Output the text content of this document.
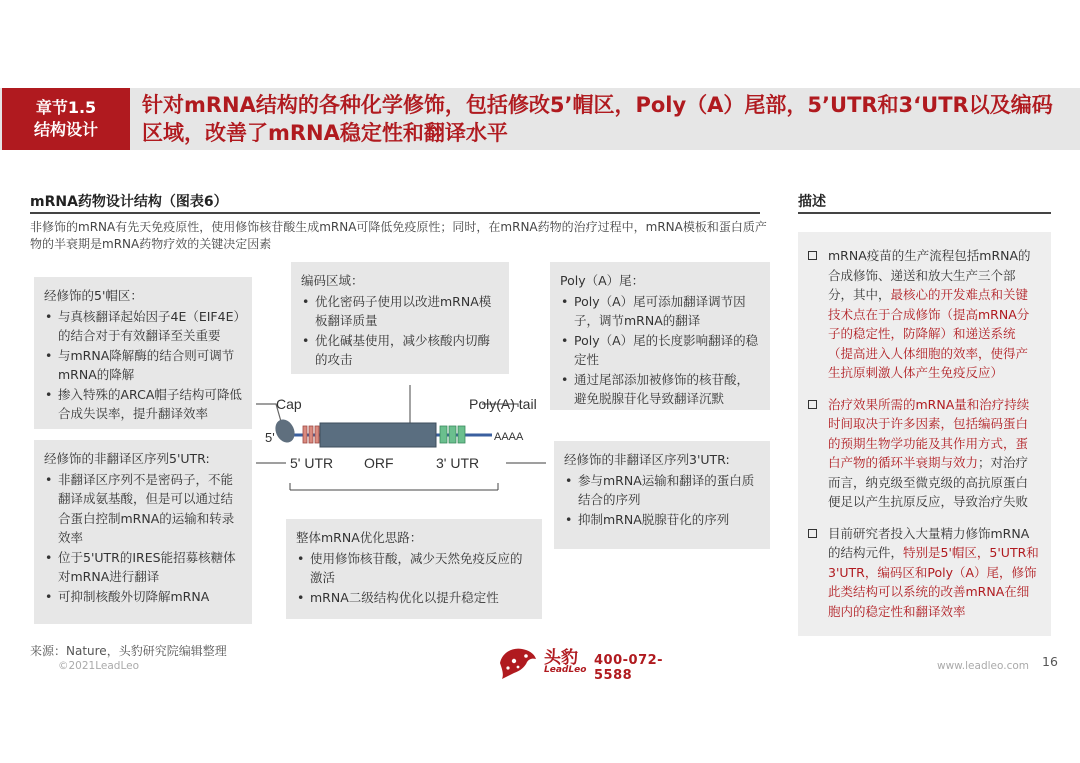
章节1.5
结构设计
针对mRNA结构的各种化学修饰，包括修改5’帽区，Poly（A）尾部，5’UTR和3‘UTR以及编码区域，改善了mRNA稳定性和翻译水平
mRNA药物设计结构（图表6）
非修饰的mRNA有先天免疫原性，使用修饰核苷酸生成mRNA可降低免疫原性；同时，在mRNA药物的治疗过程中，mRNA模板和蛋白质产物的半衰期是mRNA药物疗效的关键决定因素
经修饰的5'帽区：
• 与真核翻译起始因子4E（EIF4E）的结合对于有效翻译至关重要
• 与mRNA降解酶的结合则可调节mRNA的降解
• 掺入特殊的ARCA帽子结构可降低合成失误率，提升翻译效率
经修饰的非翻译区序列5'UTR:
• 非翻译区序列不是密码子，不能翻译成氨基酸，但是可以通过结合蛋白控制mRNA的运输和转录效率
• 位于5'UTR的IRES能招募核糖体对mRNA进行翻译
• 可抑制核酸外切降解mRNA
编码区域：
• 优化密码子使用以改进mRNA模板翻译质量
• 优化碱基使用，减少核酸内切酶的攻击
整体mRNA优化思路：
• 使用修饰核苷酸，减少天然免疫反应的激活
• mRNA二级结构优化以提升稳定性
Poly（A）尾：
• Poly（A）尾可添加翻译调节因子，调节mRNA的翻译
• Poly（A）尾的长度影响翻译的稳定性
• 通过尾部添加被修饰的核苷酸，避免脱腺苷化导致翻译沉默
经修饰的非翻译区序列3'UTR:
• 参与mRNA运输和翻译的蛋白质结合的序列
• 抑制mRNA脱腺苷化的序列
Cap
5'
5' UTR ORF	3' UTR
Poly(A) tail
AAAA
描述
mRNA疫苗的生产流程包括mRNA的合成修饰、递送和放大生产三个部分，其中，最核心的开发难点和关键技术点在于合成修饰（提高mRNA分子的稳定性，防降解）和递送系统（提高进入人体细胞的效率，使得产生抗原刺激人体产生免疫反应）
治疗效果所需的mRNA量和治疗持续时间取决于许多因素，包括编码蛋白的预期生物学功能及其作用方式，蛋白产物的循环半衰期与效力；对治疗而言，纳克级至微克级的高抗原蛋白便足以产生抗原反应，导致治疗失败
目前研究者投入大量精力修饰mRNA的结构元件，特别是5'帽区，5'UTR和3'UTR，编码区和Poly（A）尾，修饰此类结构可以系统的改善mRNA在细胞内的稳定性和翻译效率
来源：Nature，头豹研究院编辑整理
©2021LeadLeo	头豹
LeadLeo
400-072-5588
www.leadleo.com 16
